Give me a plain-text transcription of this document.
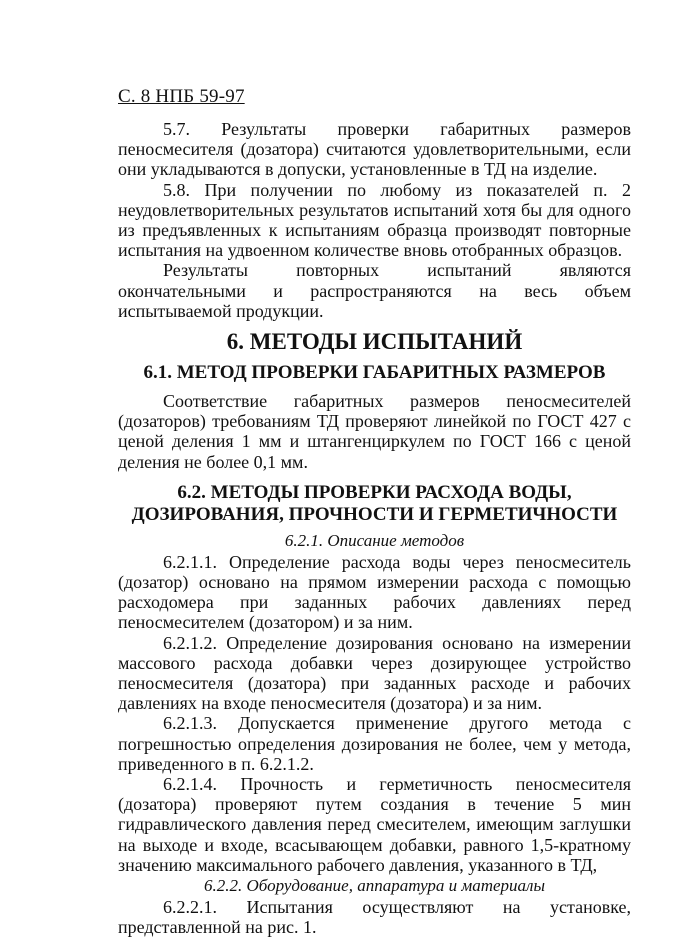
С. 8 НПБ 59-97

5.7. Результаты проверки габаритных размеров пеносмесителя (дозатора) считаются удовлетворительными, если они укладываются в допуски, установленные в ТД на изделие.

5.8. При получении по любому из показателей п. 2 неудовлетворительных результатов испытаний хотя бы для одного из предъявленных к испытаниям образца производят повторные испытания на удвоенном количестве вновь отобранных образцов.

Результаты повторных испытаний являются окончательными и распространяются на весь объем испытываемой продукции.

6. МЕТОДЫ ИСПЫТАНИЙ
6.1. МЕТОД ПРОВЕРКИ ГАБАРИТНЫХ РАЗМЕРОВ

Соответствие габаритных размеров пеносмесителей (дозаторов) требованиям ТД проверяют линейкой по ГОСТ 427 с ценой деления 1 мм и штангенциркулем по ГОСТ 166 с ценой деления не более 0,1 мм.

6.2. МЕТОДЫ ПРОВЕРКИ РАСХОДА ВОДЫ,
ДОЗИРОВАНИЯ, ПРОЧНОСТИ И ГЕРМЕТИЧНОСТИ
6.2.1. Описание методов

6.2.1.1. Определение расхода воды через пеносмеситель (дозатор) основано на прямом измерении расхода с помощью расходомера при заданных рабочих давлениях перед пеносмесителем (дозатором) и за ним.

6.2.1.2. Определение дозирования основано на измерении массового расхода добавки через дозирующее устройство пеносмесителя (дозатора) при заданных расходе и рабочих давлениях на входе пеносмесителя (дозатора) и за ним.

6.2.1.3. Допускается применение другого метода с погрешностью определения дозирования не более, чем у метода, приведенного в п. 6.2.1.2.

6.2.1.4. Прочность и герметичность пеносмесителя (дозатора) проверяют путем создания в течение 5 мин гидравлического давления перед смесителем, имеющим заглушки на выходе и входе, всасывающем добавки, равного 1,5-кратному значению максимального рабочего давления, указанного в ТД,

6.2.2. Оборудование, аппаратура и материалы

6.2.2.1. Испытания осуществляют на установке, представленной на рис. 1.
